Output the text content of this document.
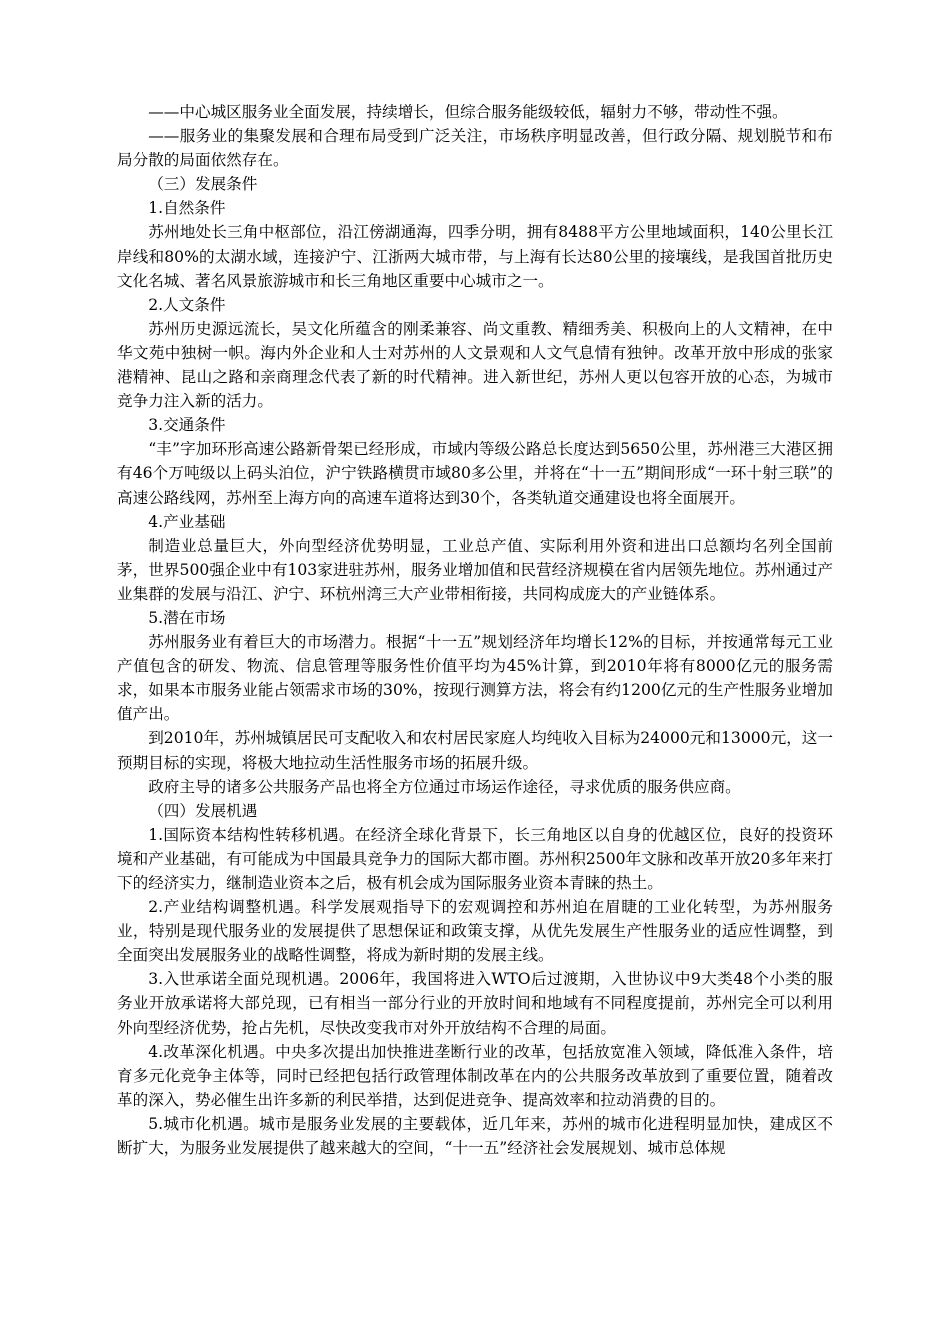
——中心城区服务业全面发展，持续增长，但综合服务能级较低，辐射力不够，带动性不强。

——服务业的集聚发展和合理布局受到广泛关注，市场秩序明显改善，但行政分隔、规划脱节和布局分散的局面依然存在。

（三）发展条件

1.自然条件

苏州地处长三角中枢部位，沿江傍湖通海，四季分明，拥有8488平方公里地域面积，140公里长江岸线和80%的太湖水域，连接沪宁、江浙两大城市带，与上海有长达80公里的接壤线，是我国首批历史文化名城、著名风景旅游城市和长三角地区重要中心城市之一。

2.人文条件

苏州历史源远流长，吴文化所蕴含的刚柔兼容、尚文重教、精细秀美、积极向上的人文精神，在中华文苑中独树一帜。海内外企业和人士对苏州的人文景观和人文气息情有独钟。改革开放中形成的张家港精神、昆山之路和亲商理念代表了新的时代精神。进入新世纪，苏州人更以包容开放的心态，为城市竞争力注入新的活力。

3.交通条件

“丰”字加环形高速公路新骨架已经形成，市域内等级公路总长度达到5650公里，苏州港三大港区拥有46个万吨级以上码头泊位，沪宁铁路横贯市域80多公里，并将在“十一五”期间形成“一环十射三联”的高速公路线网，苏州至上海方向的高速车道将达到30个，各类轨道交通建设也将全面展开。

4.产业基础

制造业总量巨大，外向型经济优势明显，工业总产值、实际利用外资和进出口总额均名列全国前茅，世界500强企业中有103家进驻苏州，服务业增加值和民营经济规模在省内居领先地位。苏州通过产业集群的发展与沿江、沪宁、环杭州湾三大产业带相衔接，共同构成庞大的产业链体系。

5.潜在市场

苏州服务业有着巨大的市场潜力。根据“十一五”规划经济年均增长12%的目标，并按通常每元工业产值包含的研发、物流、信息管理等服务性价值平均为45%计算，到2010年将有8000亿元的服务需求，如果本市服务业能占领需求市场的30%，按现行测算方法，将会有约1200亿元的生产性服务业增加值产出。

到2010年，苏州城镇居民可支配收入和农村居民家庭人均纯收入目标为24000元和13000元，这一预期目标的实现，将极大地拉动生活性服务市场的拓展升级。

政府主导的诸多公共服务产品也将全方位通过市场运作途径，寻求优质的服务供应商。

（四）发展机遇

1.国际资本结构性转移机遇。在经济全球化背景下，长三角地区以自身的优越区位，良好的投资环境和产业基础，有可能成为中国最具竞争力的国际大都市圈。苏州积2500年文脉和改革开放20多年来打下的经济实力，继制造业资本之后，极有机会成为国际服务业资本青睐的热土。

2.产业结构调整机遇。科学发展观指导下的宏观调控和苏州迫在眉睫的工业化转型，为苏州服务业，特别是现代服务业的发展提供了思想保证和政策支撑，从优先发展生产性服务业的适应性调整，到全面突出发展服务业的战略性调整，将成为新时期的发展主线。

3.入世承诺全面兑现机遇。2006年，我国将进入WTO后过渡期，入世协议中9大类48个小类的服务业开放承诺将大部兑现，已有相当一部分行业的开放时间和地域有不同程度提前，苏州完全可以利用外向型经济优势，抢占先机，尽快改变我市对外开放结构不合理的局面。

4.改革深化机遇。中央多次提出加快推进垄断行业的改革，包括放宽准入领域，降低准入条件，培育多元化竞争主体等，同时已经把包括行政管理体制改革在内的公共服务改革放到了重要位置，随着改革的深入，势必催生出许多新的利民举措，达到促进竞争、提高效率和拉动消费的目的。

5.城市化机遇。城市是服务业发展的主要载体，近几年来，苏州的城市化进程明显加快，建成区不断扩大，为服务业发展提供了越来越大的空间，“十一五”经济社会发展规划、城市总体规
